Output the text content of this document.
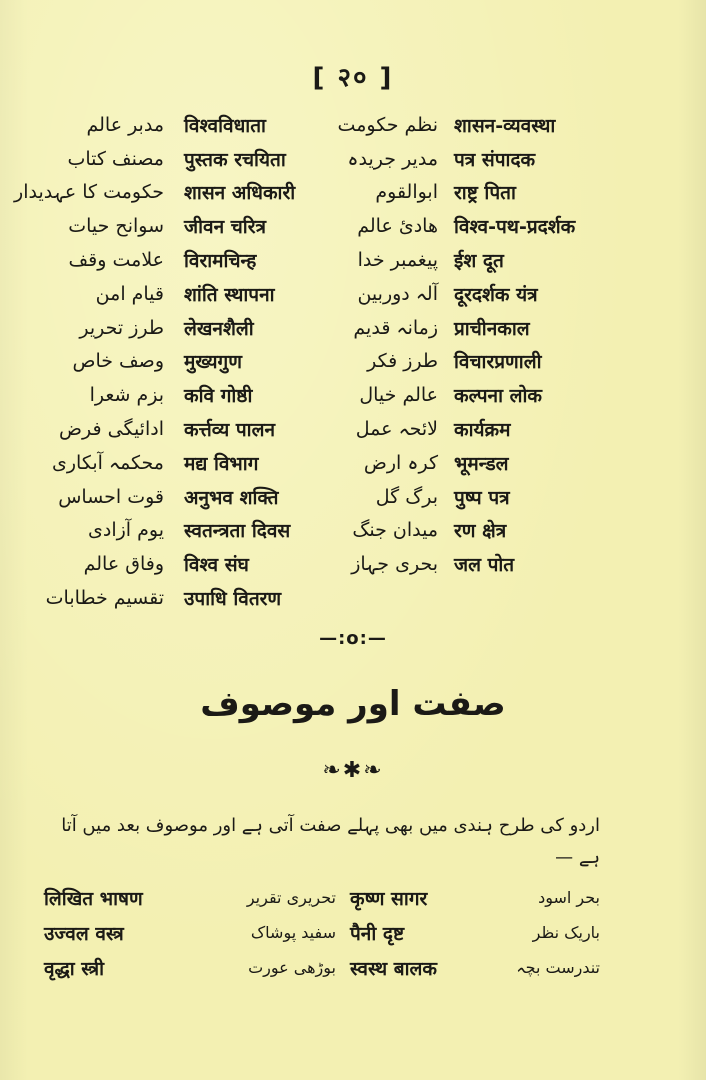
[ २० ]
مدبر عالم	विश्वविधाता	نظم حکومت शासन-व्यवस्था
مصنف کتاب	पुस्तक रचयिता	مدیر جریدہ पत्र संपादक
حکومت کا عہدیدار	शासन अधिकारी	ابوالقوم राष्ट्र पिता
سوانح حیات	जीवन चरित्र	هادئ عالم विश्व-पथ-प्रदर्शक
علامت وقف	विरामचिन्ह	پیغمبر خدا ईश दूत
قیام امن	शांति स्थापना	آلہ دوربین दूरदर्शक यंत्र
طرز تحریر	लेखनशैली	زمانہ قدیم प्राचीनकाल
وصف خاص	मुख्यगुण	طرز فکر विचारप्रणाली
بزم شعرا	कवि गोष्ठी	عالم خیال कल्पना लोक
ادائیگی فرض	कर्त्तव्य पालन	لائحہ عمل कार्यक्रम
محکمہ آبکاری	मद्य विभाग	کرہ ارض भूमन्डल
قوت احساس	अनुभव शक्ति	برگ گل पुष्प पत्र
یوم آزادی	स्वतन्त्रता दिवस	میدان جنگ रण क्षेत्र
وفاق عالم	विश्व संघ	بحری جہاز जल पोत
تقسیم خطابات	उपाधि वितरण
—:o:—
صفت اور موصوف
❧✱❧
اردو کی طرح ہندی میں بھی پہلے صفت آتی ہے اور موصوف بعد میں آتا ہے —
लिखित भाषण	تحریری تقریر कृष्ण सागर	بحر اسود
उज्वल वस्त्र	سفید پوشاک पैनी दृष्ट	باریک نظر
वृद्धा स्त्री	بوڑھی عورت स्वस्थ बालक	تندرست بچہ
